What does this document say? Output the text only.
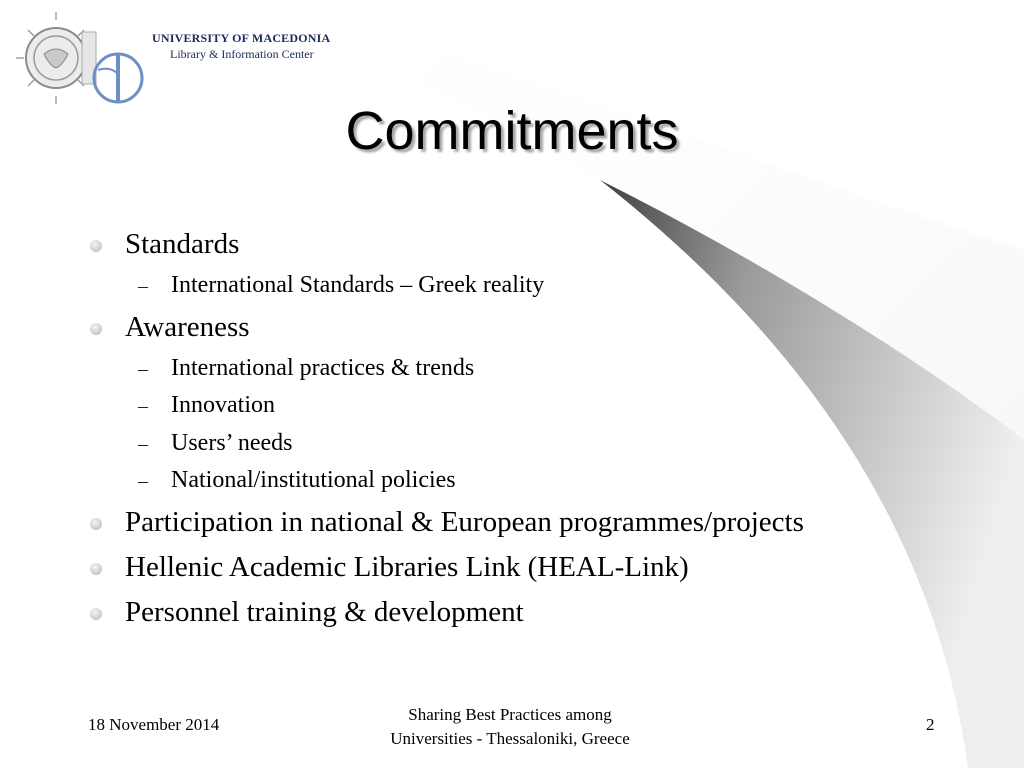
UNIVERSITY OF MACEDONIA
Library & Information Center
Commitments
Standards
– International Standards – Greek reality
Awareness
– International practices & trends
– Innovation
– Users’ needs
– National/institutional policies
Participation in national & European programmes/projects
Hellenic Academic Libraries Link (HEAL-Link)
Personnel training & development
18 November 2014
Sharing Best Practices among
Universities - Thessaloniki, Greece
2
